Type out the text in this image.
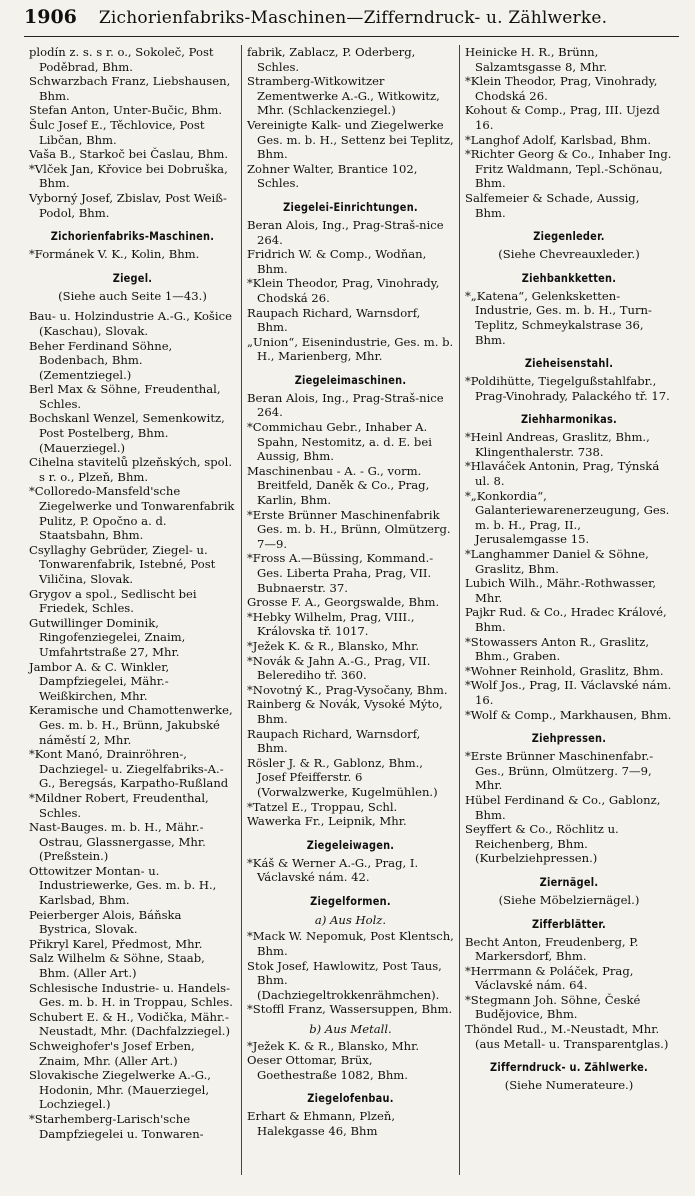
1906 Zichorienfabriks-Maschinen—Zifferndruck- u. Zählwerke.

plodín z. s. s r. o., Sokoleč, Post Poděbrad, Bhm.

Schwarzbach Franz, Liebshausen, Bhm.

Stefan Anton, Unter-Bučic, Bhm.

Šulc Josef E., Těchlovice, Post Libčan, Bhm.

Vaša B., Starkoč bei Časlau, Bhm.

*Vlček Jan, Křovice bei Dobruška, Bhm.

Vyborný Josef, Zbislav, Post Weiß-Podol, Bhm.

Zichorienfabriks-Maschinen.

*Formánek V. K., Kolin, Bhm.

Ziegel.

(Siehe auch Seite 1—43.)

Bau- u. Holzindustrie A.-G., Košice (Kaschau), Slovak.

Beher Ferdinand Söhne, Bodenbach, Bhm. (Zementziegel.)

Berl Max & Söhne, Freudenthal, Schles.

Bochskanl Wenzel, Semenkowitz, Post Postelberg, Bhm. (Mauerziegel.)

Cihelna stavitelů plzeňských, spol. s r. o., Plzeň, Bhm.

*Colloredo-Mansfeld'sche Ziegelwerke und Tonwarenfabrik Pulitz, P. Opočno a. d. Staatsbahn, Bhm.

Csyllaghy Gebrüder, Ziegel- u. Tonwarenfabrik, Istebné, Post Viličina, Slovak.

Grygov a spol., Sedlischt bei Friedek, Schles.

Gutwillinger Dominik, Ringofenziegelei, Znaim, Umfahrtstraße 27, Mhr.

Jambor A. & C. Winkler, Dampfziegelei, Mähr.-Weißkirchen, Mhr.

Keramische und Chamottenwerke, Ges. m. b. H., Brünn, Jakubské náměstí 2, Mhr.

*Kont Manó, Drainröhren-, Dachziegel- u. Ziegelfabriks-A.-G., Beregsás, Karpatho-Rußland

*Mildner Robert, Freudenthal, Schles.

Nast-Bauges. m. b. H., Mähr.-Ostrau, Glassnergasse, Mhr. (Preßstein.)

Ottowitzer Montan- u. Industriewerke, Ges. m. b. H., Karlsbad, Bhm.

Peierberger Alois, Báňska Bystrica, Slovak.

Přikryl Karel, Předmost, Mhr.

Salz Wilhelm & Söhne, Staab, Bhm. (Aller Art.)

Schlesische Industrie- u. Handels-Ges. m. b. H. in Troppau, Schles.

Schubert E. & H., Vodička, Mähr.-Neustadt, Mhr. (Dachfalzziegel.)

Schweighofer's Josef Erben, Znaim, Mhr. (Aller Art.)

Slovakische Ziegelwerke A.-G., Hodonin, Mhr. (Mauerziegel, Lochziegel.)

*Starhemberg-Larisch'sche Dampfziegelei u. Tonwaren-

fabrik, Zablacz, P. Oderberg, Schles.

Stramberg-Witkowitzer Zementwerke A.-G., Witkowitz, Mhr. (Schlackenziegel.)

Vereinigte Kalk- und Ziegelwerke Ges. m. b. H., Settenz bei Teplitz, Bhm.

Zohner Walter, Brantice 102, Schles.

Ziegelei-Einrichtungen.

Beran Alois, Ing., Prag-Straš-nice 264.

Fridrich W. & Comp., Wodňan, Bhm.

*Klein Theodor, Prag, Vinohrady, Chodská 26.

Raupach Richard, Warnsdorf, Bhm.

„Union“, Eisenindustrie, Ges. m. b. H., Marienberg, Mhr.

Ziegeleimaschinen.

Beran Alois, Ing., Prag-Straš-nice 264.

*Commichau Gebr., Inhaber A. Spahn, Nestomitz, a. d. E. bei Aussig, Bhm.

Maschinenbau - A. - G., vorm. Breitfeld, Daněk & Co., Prag, Karlin, Bhm.

*Erste Brünner Maschinenfabrik Ges. m. b. H., Brünn, Olmützerg. 7—9.

*Fross A.—Büssing, Kommand.-Ges. Liberta Praha, Prag, VII. Bubnaerstr. 37.

Grosse F. A., Georgswalde, Bhm.

*Hebky Wilhelm, Prag, VIII., Královska tř. 1017.

*Ježek K. & R., Blansko, Mhr.

*Novák & Jahn A.-G., Prag, VII. Belerediho tř. 360.

*Novotný K., Prag-Vysočany, Bhm.

Rainberg & Novák, Vysoké Mýto, Bhm.

Raupach Richard, Warnsdorf, Bhm.

Rösler J. & R., Gablonz, Bhm., Josef Pfeifferstr. 6 (Vorwalzwerke, Kugelmühlen.)

*Tatzel E., Troppau, Schl.

Wawerka Fr., Leipnik, Mhr.

Ziegeleiwagen.

*Káš & Werner A.-G., Prag, I. Václavské nám. 42.

Ziegelformen.

a) Aus Holz.

*Mack W. Nepomuk, Post Klentsch, Bhm.

Stok Josef, Hawlowitz, Post Taus, Bhm. (Dachziegeltrokkenrähmchen).

*Stoffl Franz, Wassersuppen, Bhm.

b) Aus Metall.

*Ježek K. & R., Blansko, Mhr.

Oeser Ottomar, Brüx, Goethestraße 1082, Bhm.

Ziegelofenbau.

Erhart & Ehmann, Plzeň, Halekgasse 46, Bhm

Heinicke H. R., Brünn, Salzamtsgasse 8, Mhr.

*Klein Theodor, Prag, Vinohrady, Chodská 26.

Kohout & Comp., Prag, III. Ujezd 16.

*Langhof Adolf, Karlsbad, Bhm.

*Richter Georg & Co., Inhaber Ing. Fritz Waldmann, Tepl.-Schönau, Bhm.

Salfemeier & Schade, Aussig, Bhm.

Ziegenleder.

(Siehe Chevreauxleder.)

Ziehbankketten.

*„Katena“, Gelenksketten-Industrie, Ges. m. b. H., Turn-Teplitz, Schmeykalstrase 36, Bhm.

Zieheisenstahl.

*Poldihütte, Tiegelgußstahlfabr., Prag-Vinohrady, Palackého tř. 17.

Ziehharmonikas.

*Heinl Andreas, Graslitz, Bhm., Klingenthalerstr. 738.

*Hlaváček Antonin, Prag, Týnská ul. 8.

*„Konkordia“, Galanteriewarenerzeugung, Ges. m. b. H., Prag, II., Jerusalemgasse 15.

*Langhammer Daniel & Söhne, Graslitz, Bhm.

Lubich Wilh., Mähr.-Rothwasser, Mhr.

Pajkr Rud. & Co., Hradec Králové, Bhm.

*Stowassers Anton R., Graslitz, Bhm., Graben.

*Wohner Reinhold, Graslitz, Bhm.

*Wolf Jos., Prag, II. Václavské nám. 16.

*Wolf & Comp., Markhausen, Bhm.

Ziehpressen.

*Erste Brünner Maschinenfabr.-Ges., Brünn, Olmützerg. 7—9, Mhr.

Hübel Ferdinand & Co., Gablonz, Bhm.

Seyffert & Co., Röchlitz u. Reichenberg, Bhm. (Kurbelziehpressen.)

Ziernägel.

(Siehe Möbelziernägel.)

Zifferblätter.

Becht Anton, Freudenberg, P. Markersdorf, Bhm.

*Herrmann & Poláček, Prag, Václavské nám. 64.

*Stegmann Joh. Söhne, České Budějovice, Bhm.

Thöndel Rud., M.-Neustadt, Mhr. (aus Metall- u. Transparentglas.)

Zifferndruck- u. Zählwerke.

(Siehe Numerateure.)
